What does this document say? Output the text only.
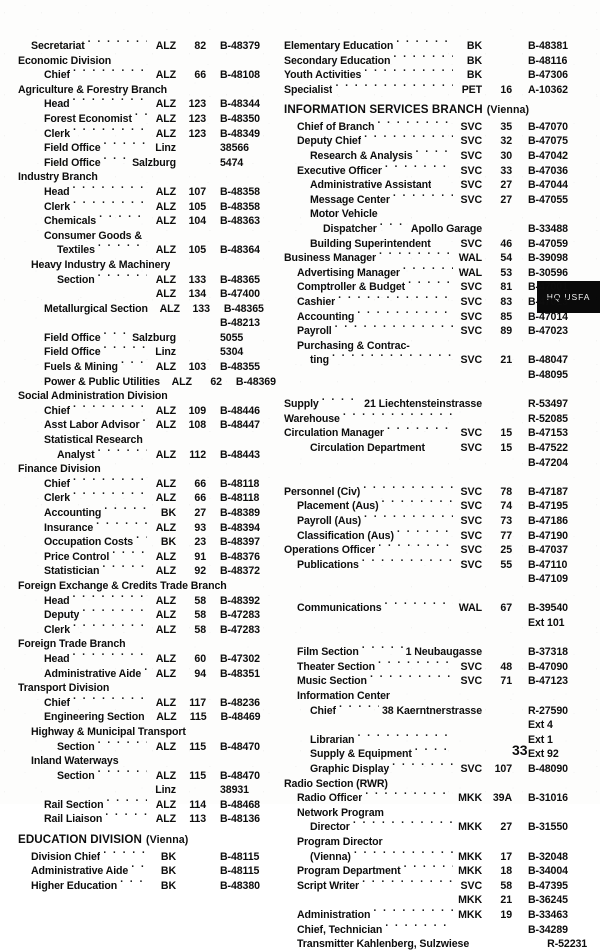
HQ USFA
Secretariat · · ·	ALZ	82	B-48379
Economic Division
Chief · · ·	ALZ	66	B-48108
Agriculture & Forestry Branch
Head · · ·	ALZ	123	B-48344
Forest Economist · · ·	ALZ	123	B-48350
Clerk · · ·	ALZ	123	B-48349
Field Office · · ·	Linz	38566
Field Office · · ·	Salzburg	5474
Industry Branch
Head · · ·	ALZ	107	B-48358
Clerk · · ·	ALZ	105	B-48358
Chemicals · · ·	ALZ	104	B-48363
Consumer Goods &
Textiles · · ·	ALZ	105	B-48364
Heavy Industry & Machinery
Section · · ·	ALZ	133	B-48365
ALZ	134	B-47400
Metallurgical Section	ALZ	133	B-48365
B-48213
Field Office · · ·	Salzburg	5055
Field Office · · ·	Linz	5304
Fuels & Mining · · ·	ALZ	103	B-48355
Power & Public Utilities	ALZ	62	B-48369
Social Administration Division
Chief · · ·	ALZ	109	B-48446
Asst Labor Advisor · · ·	ALZ	108	B-48447
Statistical Research
Analyst · · ·	ALZ	112	B-48443
Finance Division
Chief · · ·	ALZ	66	B-48118
Clerk · · ·	ALZ	66	B-48118
Accounting · · ·	BK	27	B-48389
Insurance · · ·	ALZ	93	B-48394
Occupation Costs · · ·	BK	23	B-48397
Price Control · · ·	ALZ	91	B-48376
Statistician · · ·	ALZ	92	B-48372
Foreign Exchange & Credits Trade Branch
Head · · ·	ALZ	58	B-48392
Deputy · · ·	ALZ	58	B-47283
Clerk · · ·	ALZ	58	B-47283
Foreign Trade Branch
Head · · ·	ALZ	60	B-47302
Administrative Aide · · ·	ALZ	94	B-48351
Transport Division
Chief · · ·	ALZ	117	B-48236
Engineering Section	ALZ	115	B-48469
Highway & Municipal Transport
Section · · ·	ALZ	115	B-48470
Inland Waterways
Section · · ·	ALZ	115	B-48470
Linz	38931
Rail Section · · ·	ALZ	114	B-48468
Rail Liaison · · ·	ALZ	113	B-48136
EDUCATION DIVISION (Vienna)
Division Chief · · ·	BK	B-48115
Administrative Aide · · ·	BK	B-48115
Higher Education · · ·	BK	B-48380
Elementary Education · · ·	BK	B-48381
Secondary Education · · ·	BK	B-48116
Youth Activities · · ·	BK	B-47306
Specialist · · ·	PET	16	A-10362
INFORMATION SERVICES BRANCH (Vienna)
Chief of Branch · · ·	SVC	35	B-47070
Deputy Chief · · ·	SVC	32	B-47075
Research & Analysis · · ·	SVC	30	B-47042
Executive Officer · · ·	SVC	33	B-47036
Administrative Assistant	SVC	27	B-47044
Message Center · · ·	SVC	27	B-47055
Motor Vehicle
Dispatcher · · ·	Apollo Garage	B-33488
Building Superintendent	SVC	46	B-47059
Business Manager · · ·	WAL	54	B-39098
Advertising Manager · · ·	WAL	53	B-30596
Comptroller & Budget · · ·	SVC	81	B-47001
Cashier · · ·	SVC	83	B-47013
Accounting · · ·	SVC	85	B-47014
Payroll · · ·	SVC	89	B-47023
Purchasing & Contrac-
ting · · ·	SVC	21	B-48047
B-48095
Supply · · ·	21 Liechtensteinstrasse	R-53497
Warehouse · · ·	R-52085
Circulation Manager · · ·	SVC	15	B-47153
Circulation Department	SVC	15	B-47522
B-47204
Personnel (Civ) · · ·	SVC	78	B-47187
Placement (Aus) · · ·	SVC	74	B-47195
Payroll (Aus) · · ·	SVC	73	B-47186
Classification (Aus) · · ·	SVC	77	B-47190
Operations Officer · · ·	SVC	25	B-47037
Publications · · ·	SVC	55	B-47110
B-47109
Communications · · ·	WAL	67	B-39540
Ext 101
Film Section · · ·	1 Neubaugasse	B-37318
Theater Section · · ·	SVC	48	B-47090
Music Section · · ·	SVC	71	B-47123
Information Center
Chief · · ·	38 Kaerntnerstrasse	R-27590
Ext 4
Librarian · · ·	Ext 1
Supply & Equipment · · ·	Ext 92
Graphic Display · · ·	SVC	107	B-48090
Radio Section (RWR)
Radio Officer · · ·	MKK	39A	B-31016
Network Program
Director · · ·	MKK	27	B-31550
Program Director
(Vienna) · · ·	MKK	17	B-32048
Program Department · · ·	MKK	18	B-34004
Script Writer · · ·	SVC	58	B-47395
MKK	21	B-36245
Administration · · ·	MKK	19	B-33463
Chief, Technician · · ·	B-34289
Transmitter Kahlenberg, Sulzwiese	R-52231
33
